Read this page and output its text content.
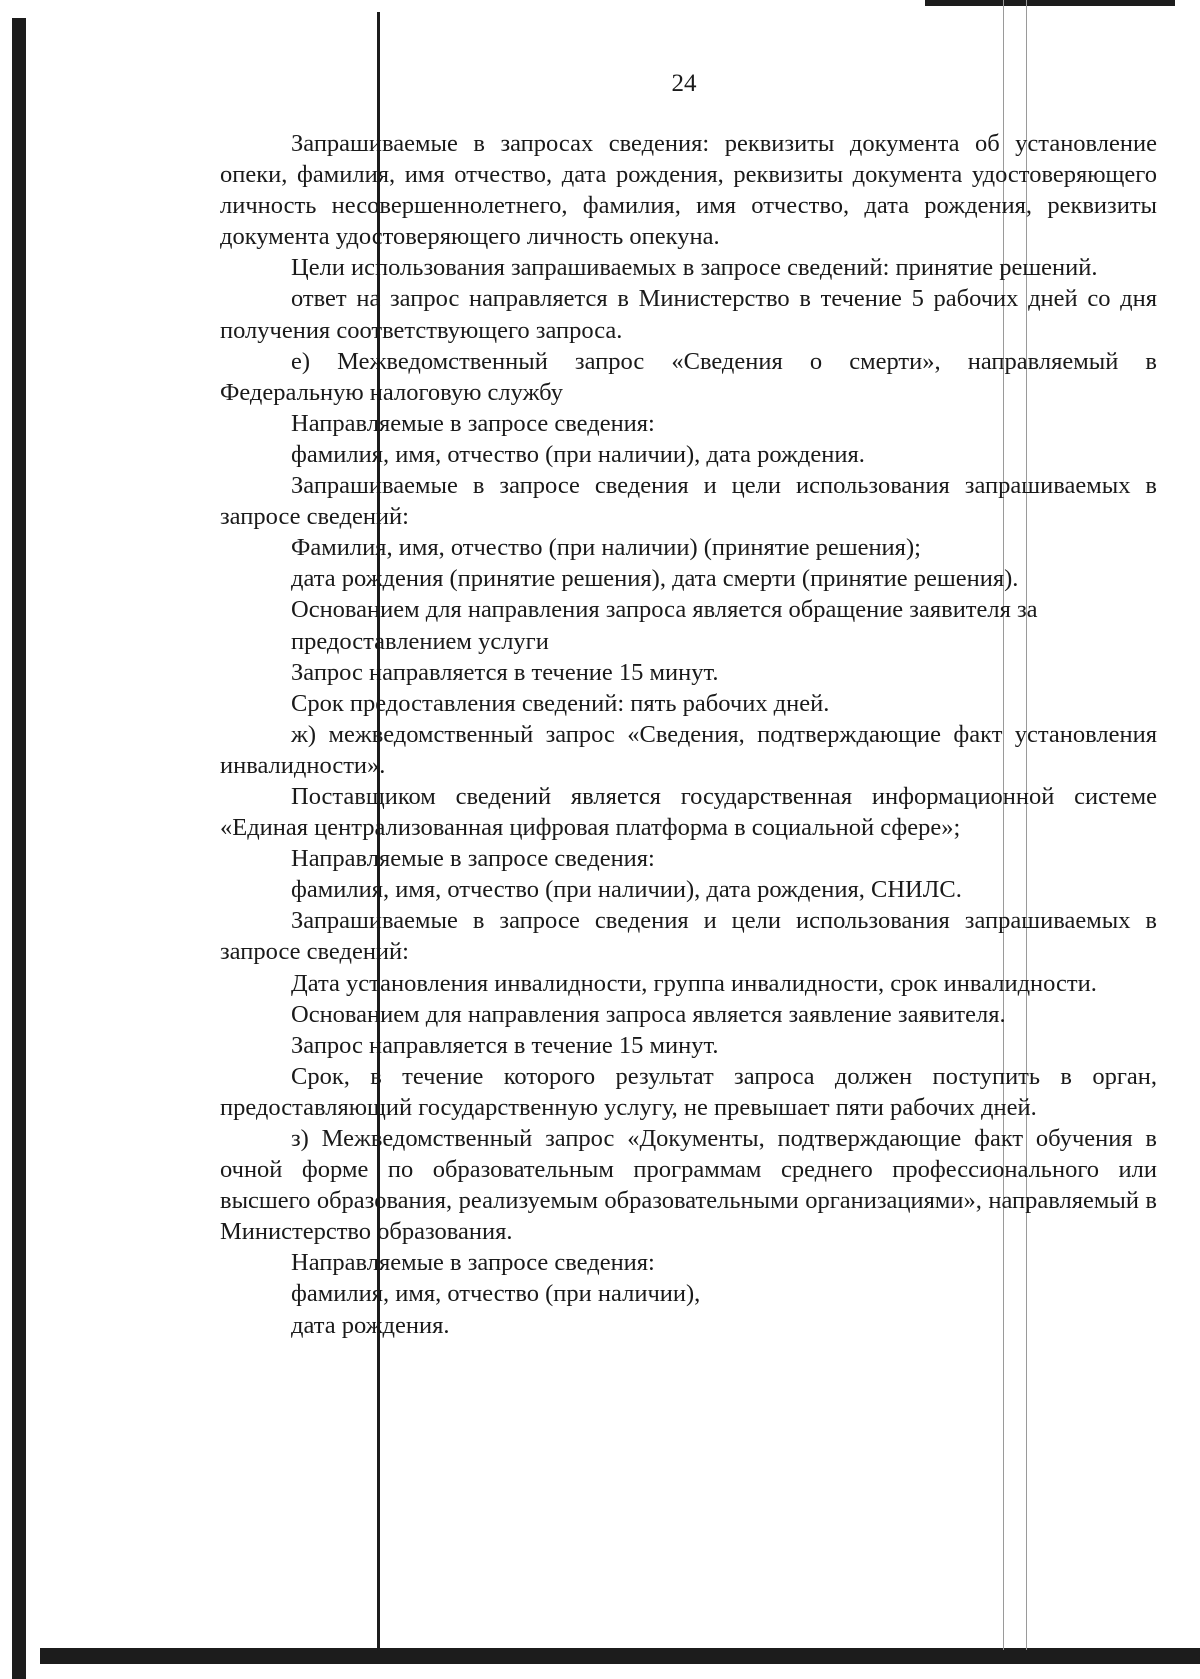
24

Запрашиваемые в запросах сведения: реквизиты документа об установление опеки, фамилия, имя отчество, дата рождения, реквизиты документа удостоверяющего личность несовершеннолетнего, фамилия, имя отчество, дата рождения, реквизиты документа удостоверяющего личность опекуна.

Цели использования запрашиваемых в запросе сведений: принятие решений.

ответ на запрос направляется в Министерство в течение 5 рабочих дней со дня получения соответствующего запроса.

е) Межведомственный запрос «Сведения о смерти», направляемый в Федеральную налоговую службу

Направляемые в запросе сведения:

фамилия, имя, отчество (при наличии), дата рождения.

Запрашиваемые в запросе сведения и цели использования запрашиваемых в запросе сведений:

Фамилия, имя, отчество (при наличии) (принятие решения);

дата рождения (принятие решения), дата смерти (принятие решения).

Основанием для направления запроса является обращение заявителя за предоставлением услуги

Запрос направляется в течение 15 минут.

Срок предоставления сведений: пять рабочих дней.

ж) межведомственный запрос «Сведения, подтверждающие факт установления инвалидности».

Поставщиком сведений является государственная информационной системе «Единая централизованная цифровая платформа в социальной сфере»;

Направляемые в запросе сведения:

фамилия, имя, отчество (при наличии), дата рождения, СНИЛС.

Запрашиваемые в запросе сведения и цели использования запрашиваемых в запросе сведений:

Дата установления инвалидности, группа инвалидности, срок инвалидности.

Основанием для направления запроса является заявление заявителя.

Запрос направляется в течение 15 минут.

Срок, в течение которого результат запроса должен поступить в орган, предоставляющий государственную услугу, не превышает пяти рабочих дней.

з) Межведомственный запрос «Документы, подтверждающие факт обучения в очной форме по образовательным программам среднего профессионального или высшего образования, реализуемым образовательными организациями», направляемый в Министерство образования.

Направляемые в запросе сведения:

фамилия, имя, отчество (при наличии),

дата рождения.
